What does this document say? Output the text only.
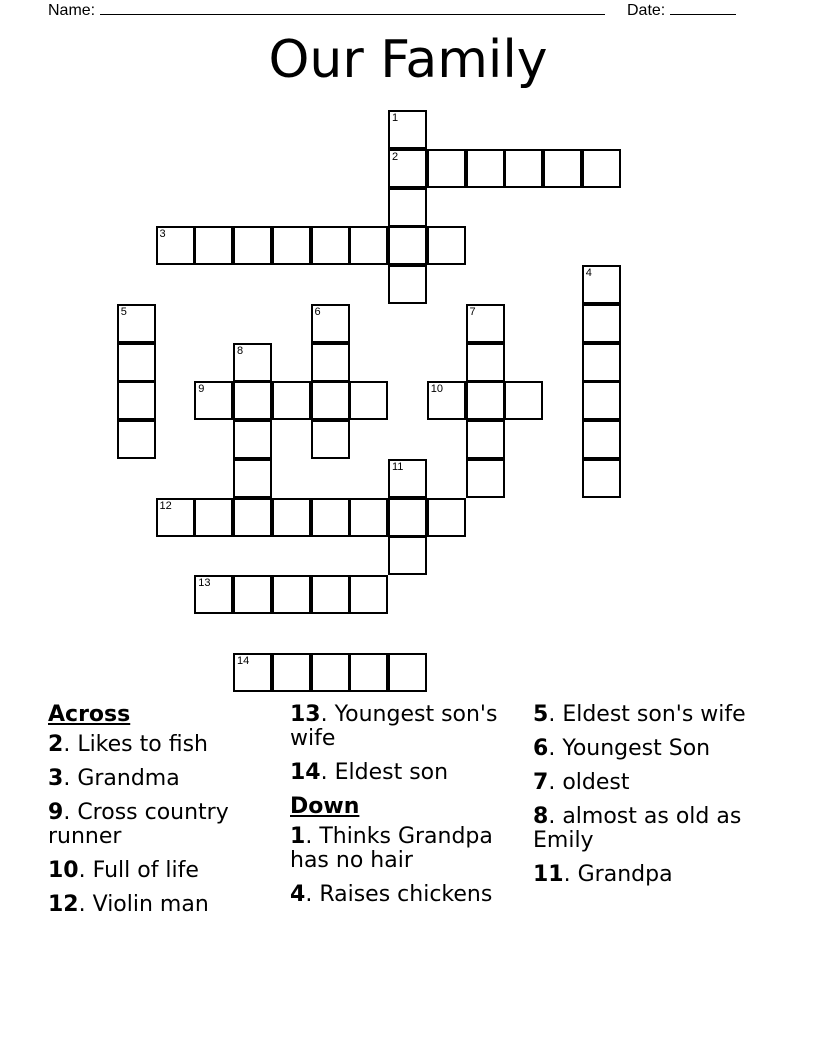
Name:	Date:
Our Family
1
2
3
4
5	6	7
8
9	10
11
12
13
14
Across
2. Likes to fish
3. Grandma
9. Cross country runner
10. Full of life
12. Violin man
13. Youngest son's wife
14. Eldest son
Down
1. Thinks Grandpa has no hair
4. Raises chickens
5. Eldest son's wife
6. Youngest Son
7. oldest
8. almost as old as Emily
11. Grandpa
